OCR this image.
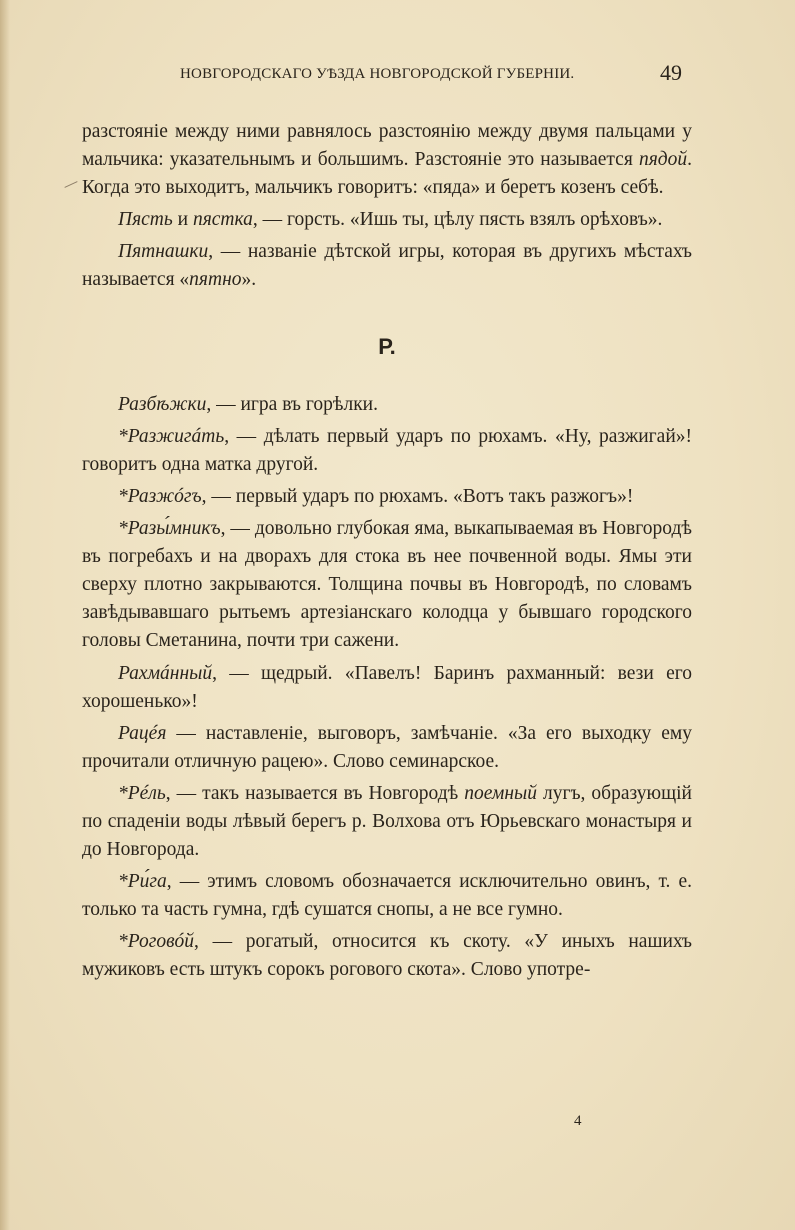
НОВГОРОДСКАГО УѢЗДА НОВГОРОДСКОЙ ГУБЕРНІИ.	49

разстояніе между ними равнялось разстоянію между двумя пальцами у мальчика: указательнымъ и большимъ. Разстояніе это называется пядой. Когда это выходитъ, мальчикъ говоритъ: «пяда» и беретъ козенъ себѣ.

Пясть и пястка, — горсть. «Ишь ты, цѣлу пясть взялъ орѣховъ».

Пятнашки, — названіе дѣтской игры, которая въ другихъ мѣстахъ называется «пятно».

Р.

Разбѣжки, — игра въ горѣлки.

*Разжигáть, — дѣлать первый ударъ по рюхамъ. «Ну, разжигай»! говоритъ одна матка другой.

*Разжóгъ, — первый ударъ по рюхамъ. «Вотъ такъ разжогъ»!

*Разы́мникъ, — довольно глубокая яма, выкапываемая въ Новгородѣ въ погребахъ и на дворахъ для стока въ нее почвенной воды. Ямы эти сверху плотно закрываются. Толщина почвы въ Новгородѣ, по словамъ завѣдывавшаго рытьемъ артезіанскаго колодца у бывшаго городского головы Сметанина, почти три сажени.

Рахмáнный, — щедрый. «Павелъ! Баринъ рахманный: вези его хорошенько»!

Рацéя — наставленіе, выговоръ, замѣчаніе. «За его выходку ему прочитали отличную рацею». Слово семинарское.

*Рéль, — такъ называется въ Новгородѣ поемный лугъ, образующій по спаденіи воды лѣвый берегъ р. Волхова отъ Юрьевскаго монастыря и до Новгорода.

*Ри́га, — этимъ словомъ обозначается исключительно овинъ, т. е. только та часть гумна, гдѣ сушатся снопы, а не все гумно.

*Роговóй, — рогатый, относится къ скоту. «У иныхъ нашихъ мужиковъ есть штукъ сорокъ рогового скота». Слово употре-

4
